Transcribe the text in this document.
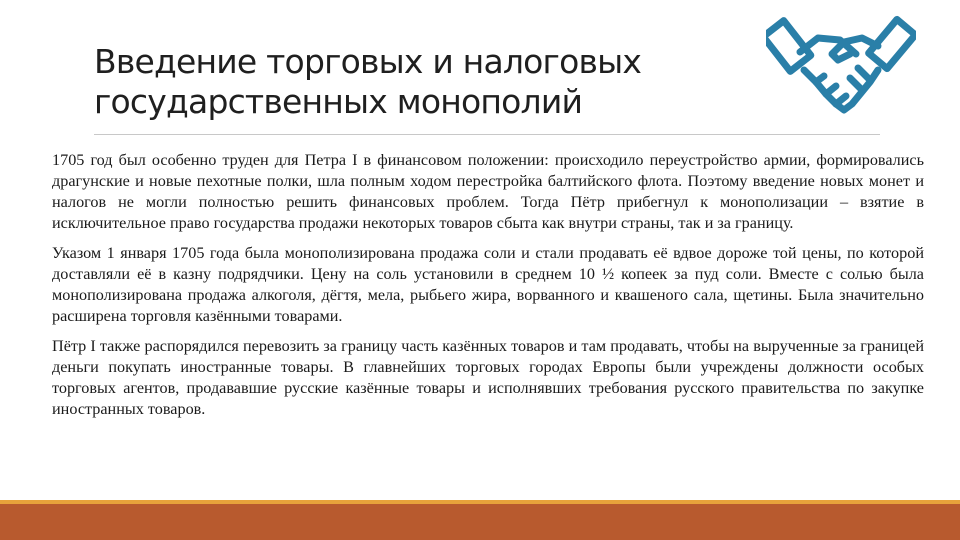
Введение торговых и налоговых
государственных монополий

1705 год был особенно труден для Петра I в финансовом положении: происходило переустройство армии, формировались драгунские и новые пехотные полки, шла полным ходом перестройка балтийского флота. Поэтому введение новых монет и налогов не могли полностью решить финансовых проблем. Тогда Пётр прибегнул к монополизации – взятие в исключительное право государства продажи некоторых товаров сбыта как внутри страны, так и за границу.

Указом 1 января 1705 года была монополизирована продажа соли и стали продавать её вдвое дороже той цены, по которой доставляли её в казну подрядчики. Цену на соль установили в среднем 10 ½ копеек за пуд соли. Вместе с солью была монополизирована продажа алкоголя, дёгтя, мела, рыбьего жира, ворванного и квашеного сала, щетины. Была значительно расширена торговля казёнными товарами.

Пётр I также распорядился перевозить за границу часть казённых товаров и там продавать, чтобы на вырученные за границей деньги покупать иностранные товары. В главнейших торговых городах Европы были учреждены должности особых торговых агентов, продававшие русские казённые товары и исполнявших требования русского правительства по закупке иностранных товаров.
